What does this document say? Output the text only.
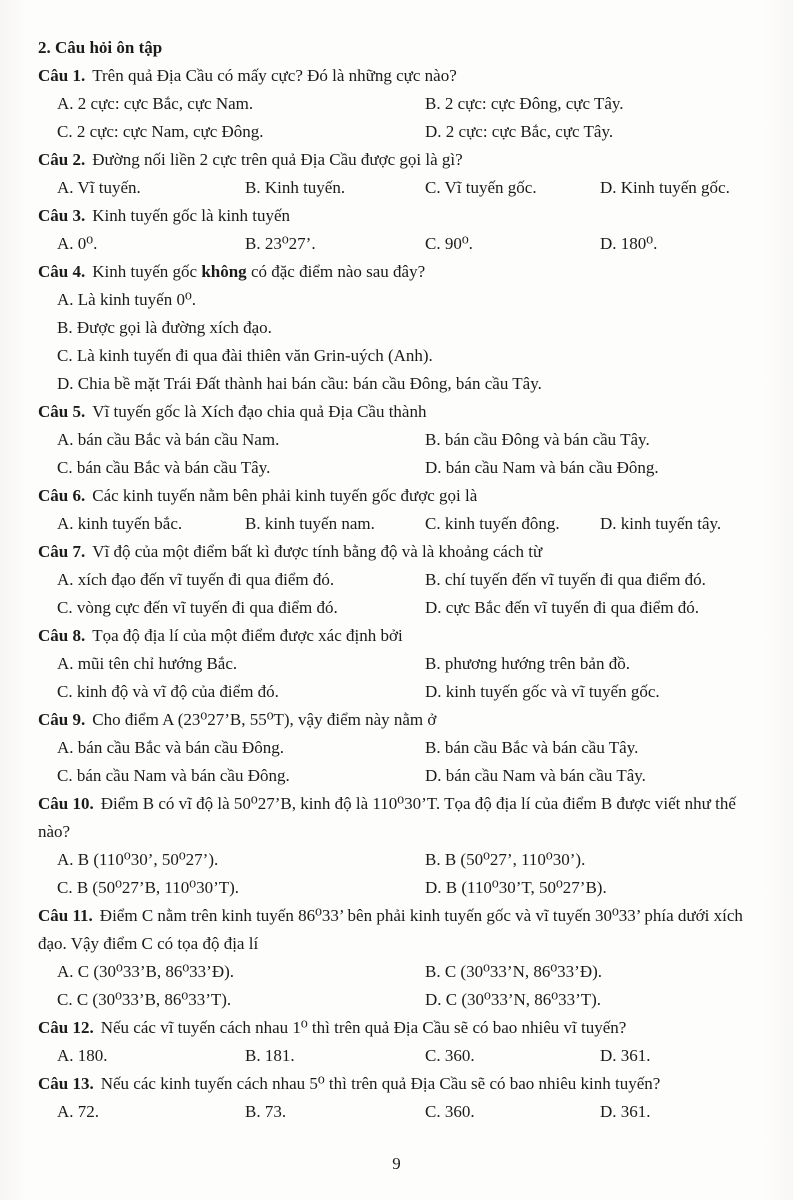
2. Câu hỏi ôn tập

Câu 1. Trên quả Địa Cầu có mấy cực? Đó là những cực nào?

A. 2 cực: cực Bắc, cực Nam.	B. 2 cực: cực Đông, cực Tây.
C. 2 cực: cực Nam, cực Đông.	D. 2 cực: cực Bắc, cực Tây.

Câu 2. Đường nối liền 2 cực trên quả Địa Cầu được gọi là gì?

A. Vĩ tuyến.	B. Kinh tuyến.	C. Vĩ tuyến gốc.	D. Kinh tuyến gốc.

Câu 3. Kinh tuyến gốc là kinh tuyến

A. 0⁰.	B. 23⁰27’.	C. 90⁰.	D. 180⁰.

Câu 4. Kinh tuyến gốc không có đặc điểm nào sau đây?

A. Là kinh tuyến 0⁰.
B. Được gọi là đường xích đạo.
C. Là kinh tuyến đi qua đài thiên văn Grin-uých (Anh).
D. Chia bề mặt Trái Đất thành hai bán cầu: bán cầu Đông, bán cầu Tây.

Câu 5. Vĩ tuyến gốc là Xích đạo chia quả Địa Cầu thành

A. bán cầu Bắc và bán cầu Nam.	B. bán cầu Đông và bán cầu Tây.
C. bán cầu Bắc và bán cầu Tây.	D. bán cầu Nam và bán cầu Đông.

Câu 6. Các kinh tuyến nằm bên phải kinh tuyến gốc được gọi là

A. kinh tuyến bắc.	B. kinh tuyến nam.	C. kinh tuyến đông.	D. kinh tuyến tây.

Câu 7. Vĩ độ của một điểm bất kì được tính bằng độ và là khoảng cách từ

A. xích đạo đến vĩ tuyến đi qua điểm đó.	B. chí tuyến đến vĩ tuyến đi qua điểm đó.
C. vòng cực đến vĩ tuyến đi qua điểm đó.	D. cực Bắc đến vĩ tuyến đi qua điểm đó.

Câu 8. Tọa độ địa lí của một điểm được xác định bởi

A. mũi tên chỉ hướng Bắc.	B. phương hướng trên bản đồ.
C. kinh độ và vĩ độ của điểm đó.	D. kinh tuyến gốc và vĩ tuyến gốc.

Câu 9. Cho điểm A (23⁰27’B, 55⁰T), vậy điểm này nằm ở

A. bán cầu Bắc và bán cầu Đông.	B. bán cầu Bắc và bán cầu Tây.
C. bán cầu Nam và bán cầu Đông.	D. bán cầu Nam và bán cầu Tây.

Câu 10. Điểm B có vĩ độ là 50⁰27’B, kinh độ là 110⁰30’T. Tọa độ địa lí của điểm B được viết như thế nào?

A. B (110⁰30’, 50⁰27’).	B. B (50⁰27’, 110⁰30’).
C. B (50⁰27’B, 110⁰30’T).	D. B (110⁰30’T, 50⁰27’B).

Câu 11. Điểm C nằm trên kinh tuyến 86⁰33’ bên phải kinh tuyến gốc và vĩ tuyến 30⁰33’ phía dưới xích đạo. Vậy điểm C có tọa độ địa lí

A. C (30⁰33’B, 86⁰33’Đ).	B. C (30⁰33’N, 86⁰33’Đ).
C. C (30⁰33’B, 86⁰33’T).	D. C (30⁰33’N, 86⁰33’T).

Câu 12. Nếu các vĩ tuyến cách nhau 1⁰ thì trên quả Địa Cầu sẽ có bao nhiêu vĩ tuyến?

A. 180.	B. 181.	C. 360.	D. 361.

Câu 13. Nếu các kinh tuyến cách nhau 5⁰ thì trên quả Địa Cầu sẽ có bao nhiêu kinh tuyến?

A. 72.	B. 73.	C. 360.	D. 361.
9
